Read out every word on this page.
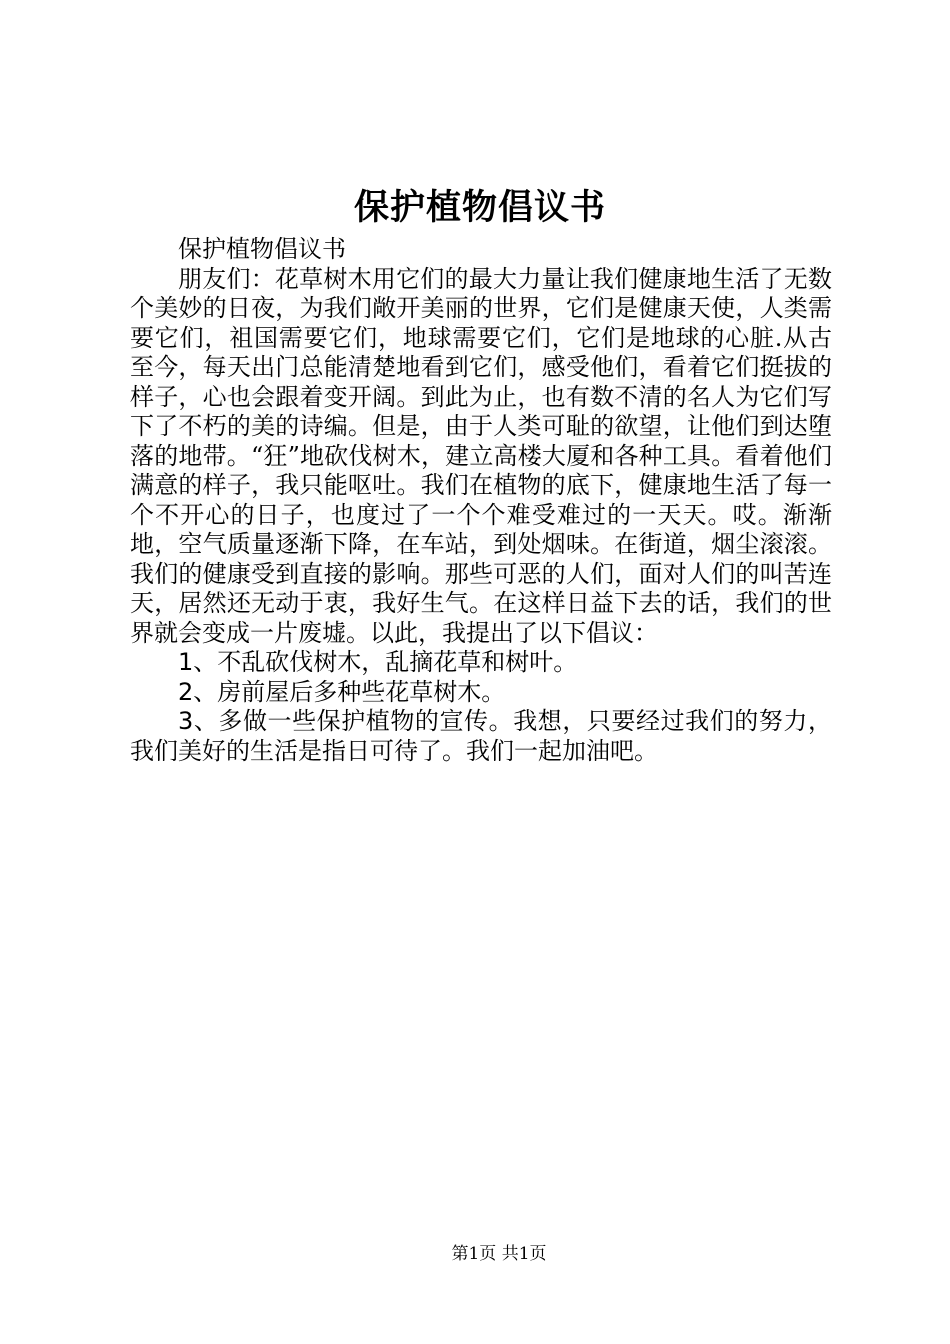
保护植物倡议书

保护植物倡议书

朋友们：花草树木用它们的最大力量让我们健康地生活了无数个美妙的日夜，为我们敞开美丽的世界，它们是健康天使，人类需要它们，祖国需要它们，地球需要它们，它们是地球的心脏.从古至今，每天出门总能清楚地看到它们，感受他们，看着它们挺拔的样子，心也会跟着变开阔。到此为止，也有数不清的名人为它们写下了不朽的美的诗编。但是，由于人类可耻的欲望，让他们到达堕落的地带。“狂”地砍伐树木，建立高楼大厦和各种工具。看着他们满意的样子，我只能呕吐。我们在植物的底下，健康地生活了每一个不开心的日子，也度过了一个个难受难过的一天天。哎。渐渐地，空气质量逐渐下降，在车站，到处烟味。在街道，烟尘滚滚。我们的健康受到直接的影响。那些可恶的人们，面对人们的叫苦连天，居然还无动于衷，我好生气。在这样日益下去的话，我们的世界就会变成一片废墟。以此，我提出了以下倡议：

1、不乱砍伐树木，乱摘花草和树叶。

2、房前屋后多种些花草树木。

3、多做一些保护植物的宣传。我想，只要经过我们的努力，我们美好的生活是指日可待了。我们一起加油吧。

第1页 共1页
